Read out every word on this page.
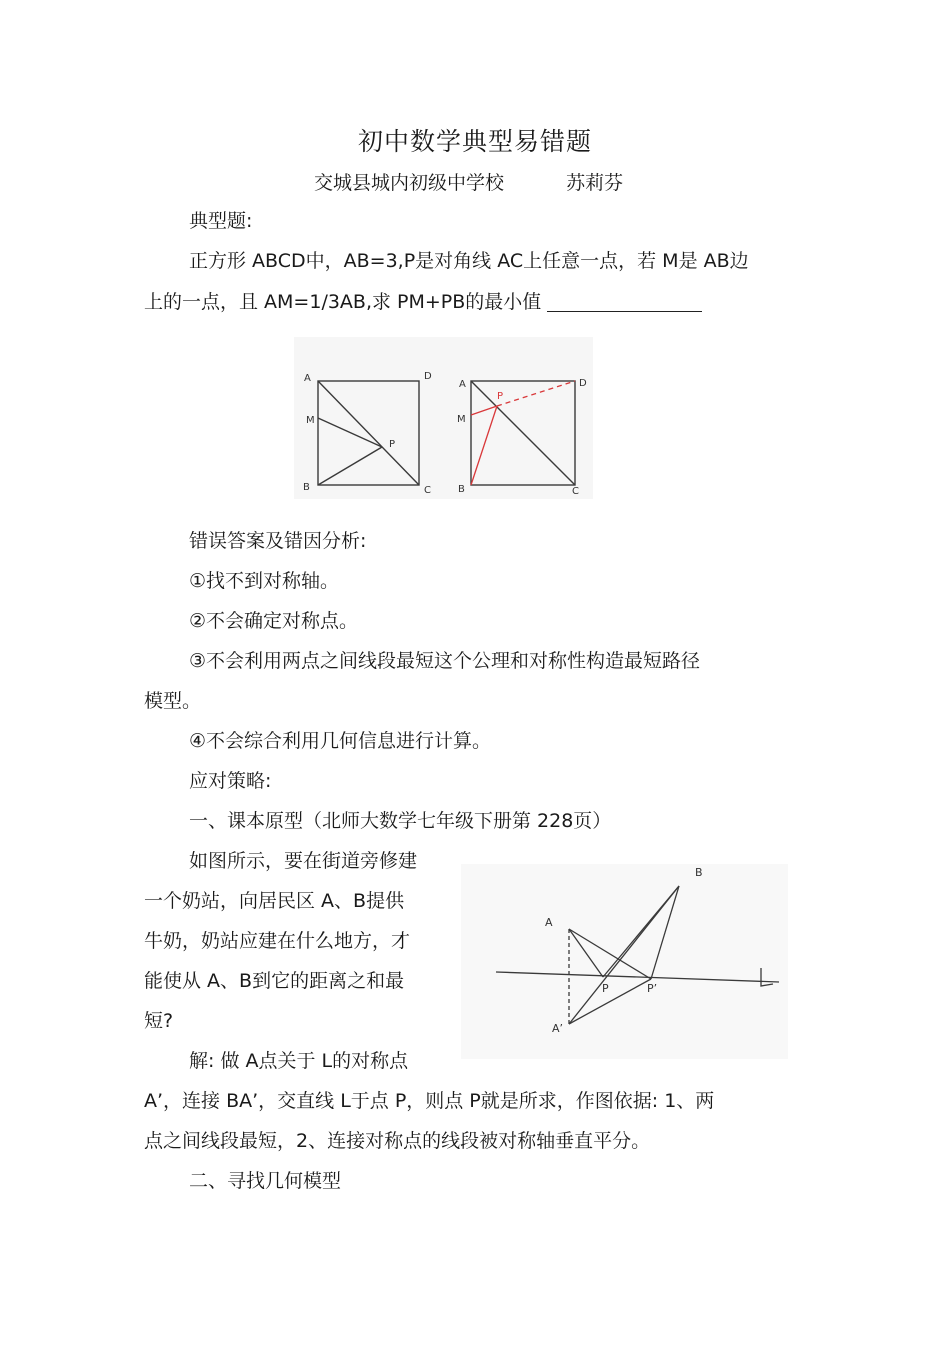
初中数学典型易错题
交城县城内初级中学校	苏莉芬
典型题:
正方形 ABCD中，AB=3,P是对角线 AC上任意一点，若 M是 AB边
上的一点，且 AM=1/3AB,求 PM+PB的最小值
A	D
M
P
B	C
A	D
M
P
B	C
错误答案及错因分析:
①找不到对称轴。
②不会确定对称点。
③不会利用两点之间线段最短这个公理和对称性构造最短路径
模型。
④不会综合利用几何信息进行计算。
应对策略:
一、课本原型（北师大数学七年级下册第 228页）
如图所示，要在街道旁修建
一个奶站，向居民区 A、B提供
牛奶，奶站应建在什么地方，才
能使从 A、B到它的距离之和最
短?
解: 做 A点关于 L的对称点
A’，连接 BA’，交直线 L于点 P，则点 P就是所求，作图依据: 1、两
点之间线段最短，2、连接对称点的线段被对称轴垂直平分。
B
A
P	P’
A’
二、寻找几何模型
